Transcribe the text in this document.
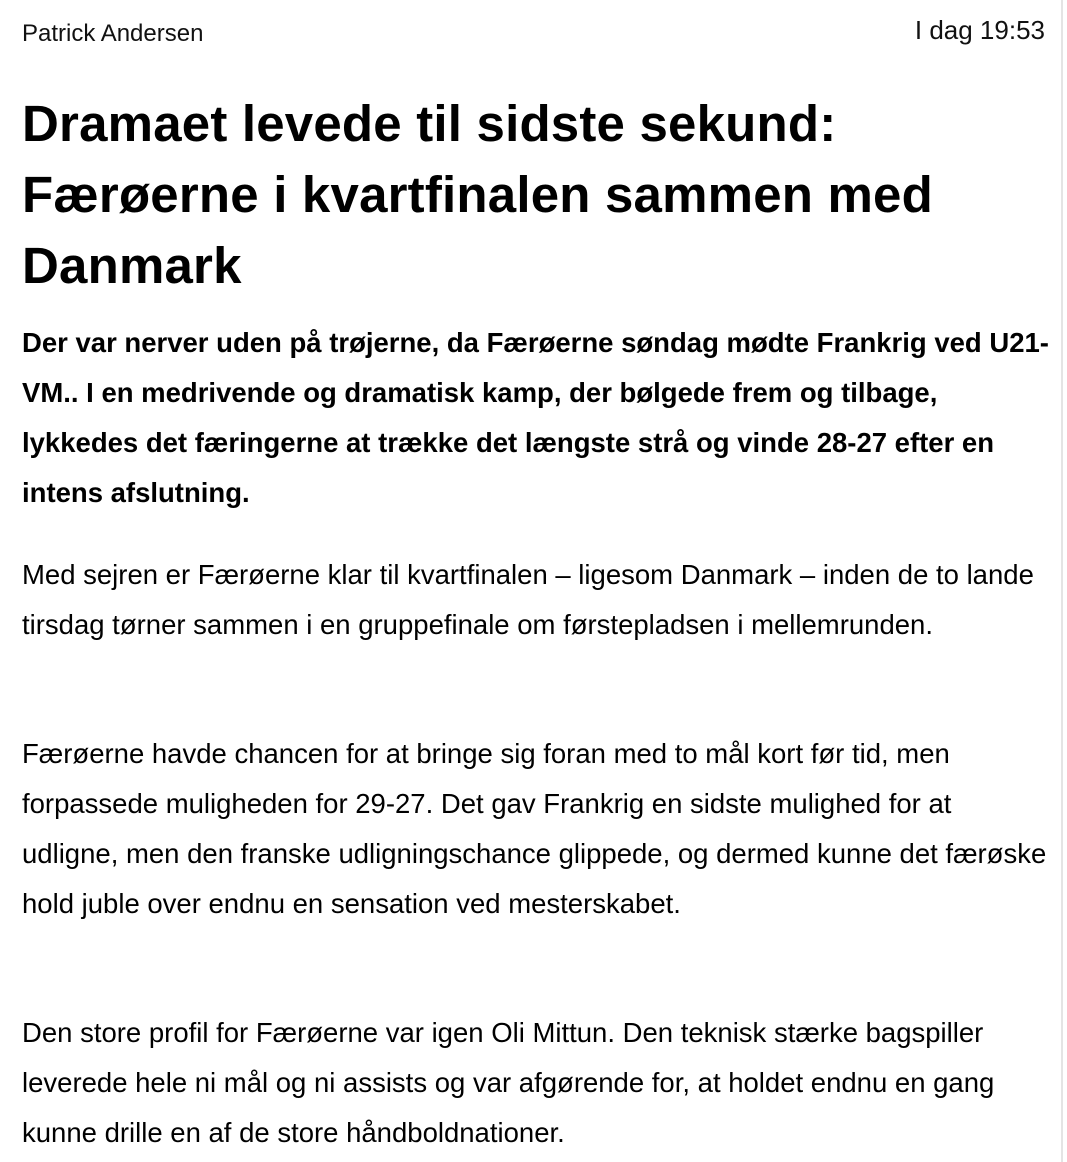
Patrick Andersen	I dag 19:53
Dramaet levede til sidste sekund: Færøerne i kvartfinalen sammen med Danmark

Der var nerver uden på trøjerne, da Færøerne søndag mødte Frankrig ved U21-VM.. I en medrivende og dramatisk kamp, der bølgede frem og tilbage, lykkedes det færingerne at trække det længste strå og vinde 28-27 efter en intens afslutning.

Med sejren er Færøerne klar til kvartfinalen – ligesom Danmark – inden de to lande tirsdag tørner sammen i en gruppefinale om førstepladsen i mellemrunden.

Færøerne havde chancen for at bringe sig foran med to mål kort før tid, men forpassede muligheden for 29-27. Det gav Frankrig en sidste mulighed for at udligne, men den franske udligningschance glippede, og dermed kunne det færøske hold juble over endnu en sensation ved mesterskabet.

Den store profil for Færøerne var igen Oli Mittun. Den teknisk stærke bagspiller leverede hele ni mål og ni assists og var afgørende for, at holdet endnu en gang kunne drille en af de store håndboldnationer.
